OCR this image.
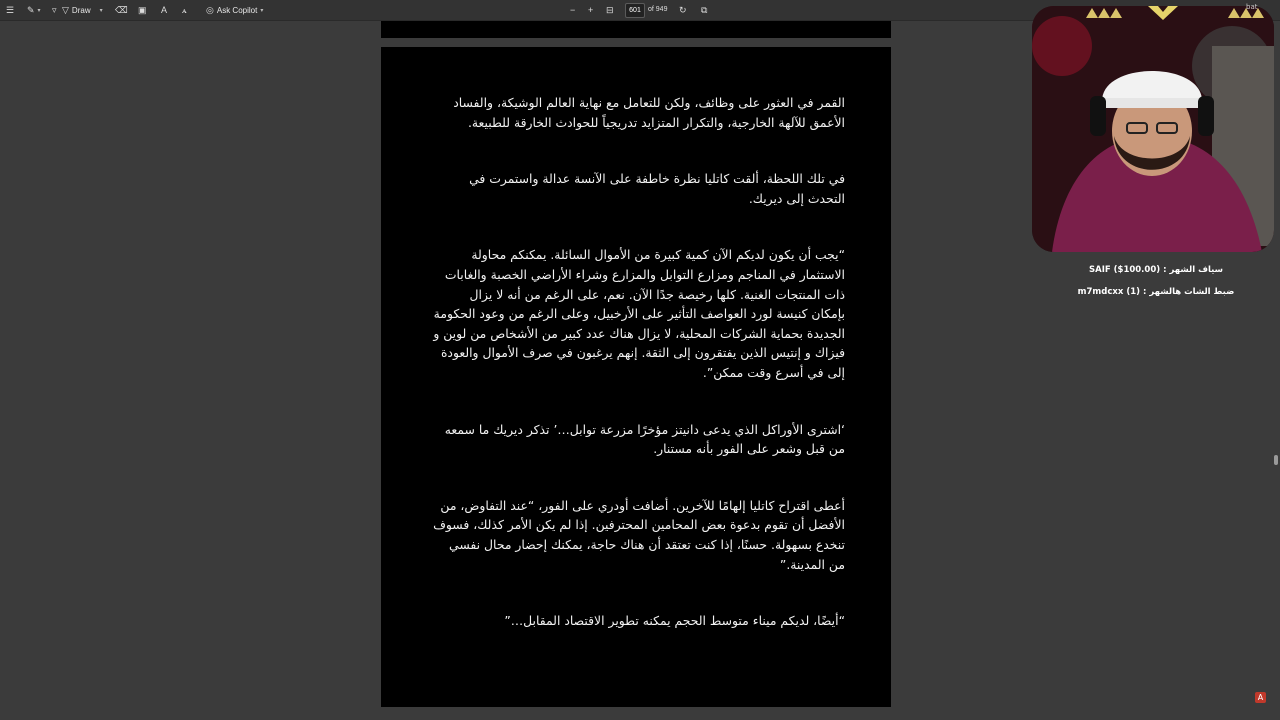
☰ ✎ ▾ ▿ ▽ Draw ▾ ⌫ ▣ A ꭺ ◎ Ask Copilot ▾	− + ⊟	601	of 949 ↻ ⧉

القمر في العثور على وظائف، ولكن للتعامل مع نهاية العالم الوشيكة، والفساد الأعمق للآلهة الخارجية، والتكرار المتزايد تدريجياً للحوادث الخارقة للطبيعة.

في تلك اللحظة، ألقت كاتليا نظرة خاطفة على الآنسة عدالة واستمرت في التحدث إلى ديريك.

“يجب أن يكون لديكم الآن كمية كبيرة من الأموال السائلة. يمكنكم محاولة الاستثمار في المناجم ومزارع التوابل والمزارع وشراء الأراضي الخصبة والغابات ذات المنتجات الغنية. كلها رخيصة جدًا الآن. نعم، على الرغم من أنه لا يزال بإمكان كنيسة لورد العواصف التأثير على الأرخبيل، وعلى الرغم من وعود الحكومة الجديدة بحماية الشركات المحلية، لا يزال هناك عدد كبير من الأشخاص من لوين و فيزاك و إنتيس الذين يفتقرون إلى الثقة. إنهم يرغبون في صرف الأموال والعودة إلى في أسرع وقت ممكن”.

‘اشترى الأوراكل الذي يدعى دانيتز مؤخرًا مزرعة توابل…’ تذكر ديريك ما سمعه من قبل وشعر على الفور بأنه مستنار.

أعطى اقتراح كاتليا إلهامًا للآخرين. أضافت أودري على الفور، “عند التفاوض، من الأفضل أن تقوم بدعوة بعض المحامين المحترفين. إذا لم يكن الأمر كذلك، فسوف تنخدع بسهولة. حسنًا، إذا كنت تعتقد أن هناك حاجة، يمكنك إحضار محال نفسي من المدينة.”

“أيضًا، لديكم ميناء متوسط الحجم يمكنه تطوير الاقتصاد المقابل…”

A
bat

SAIF ($100.00) : سياف الشهر

m7mdcxx (1) : ضبط الشات هالشهر
